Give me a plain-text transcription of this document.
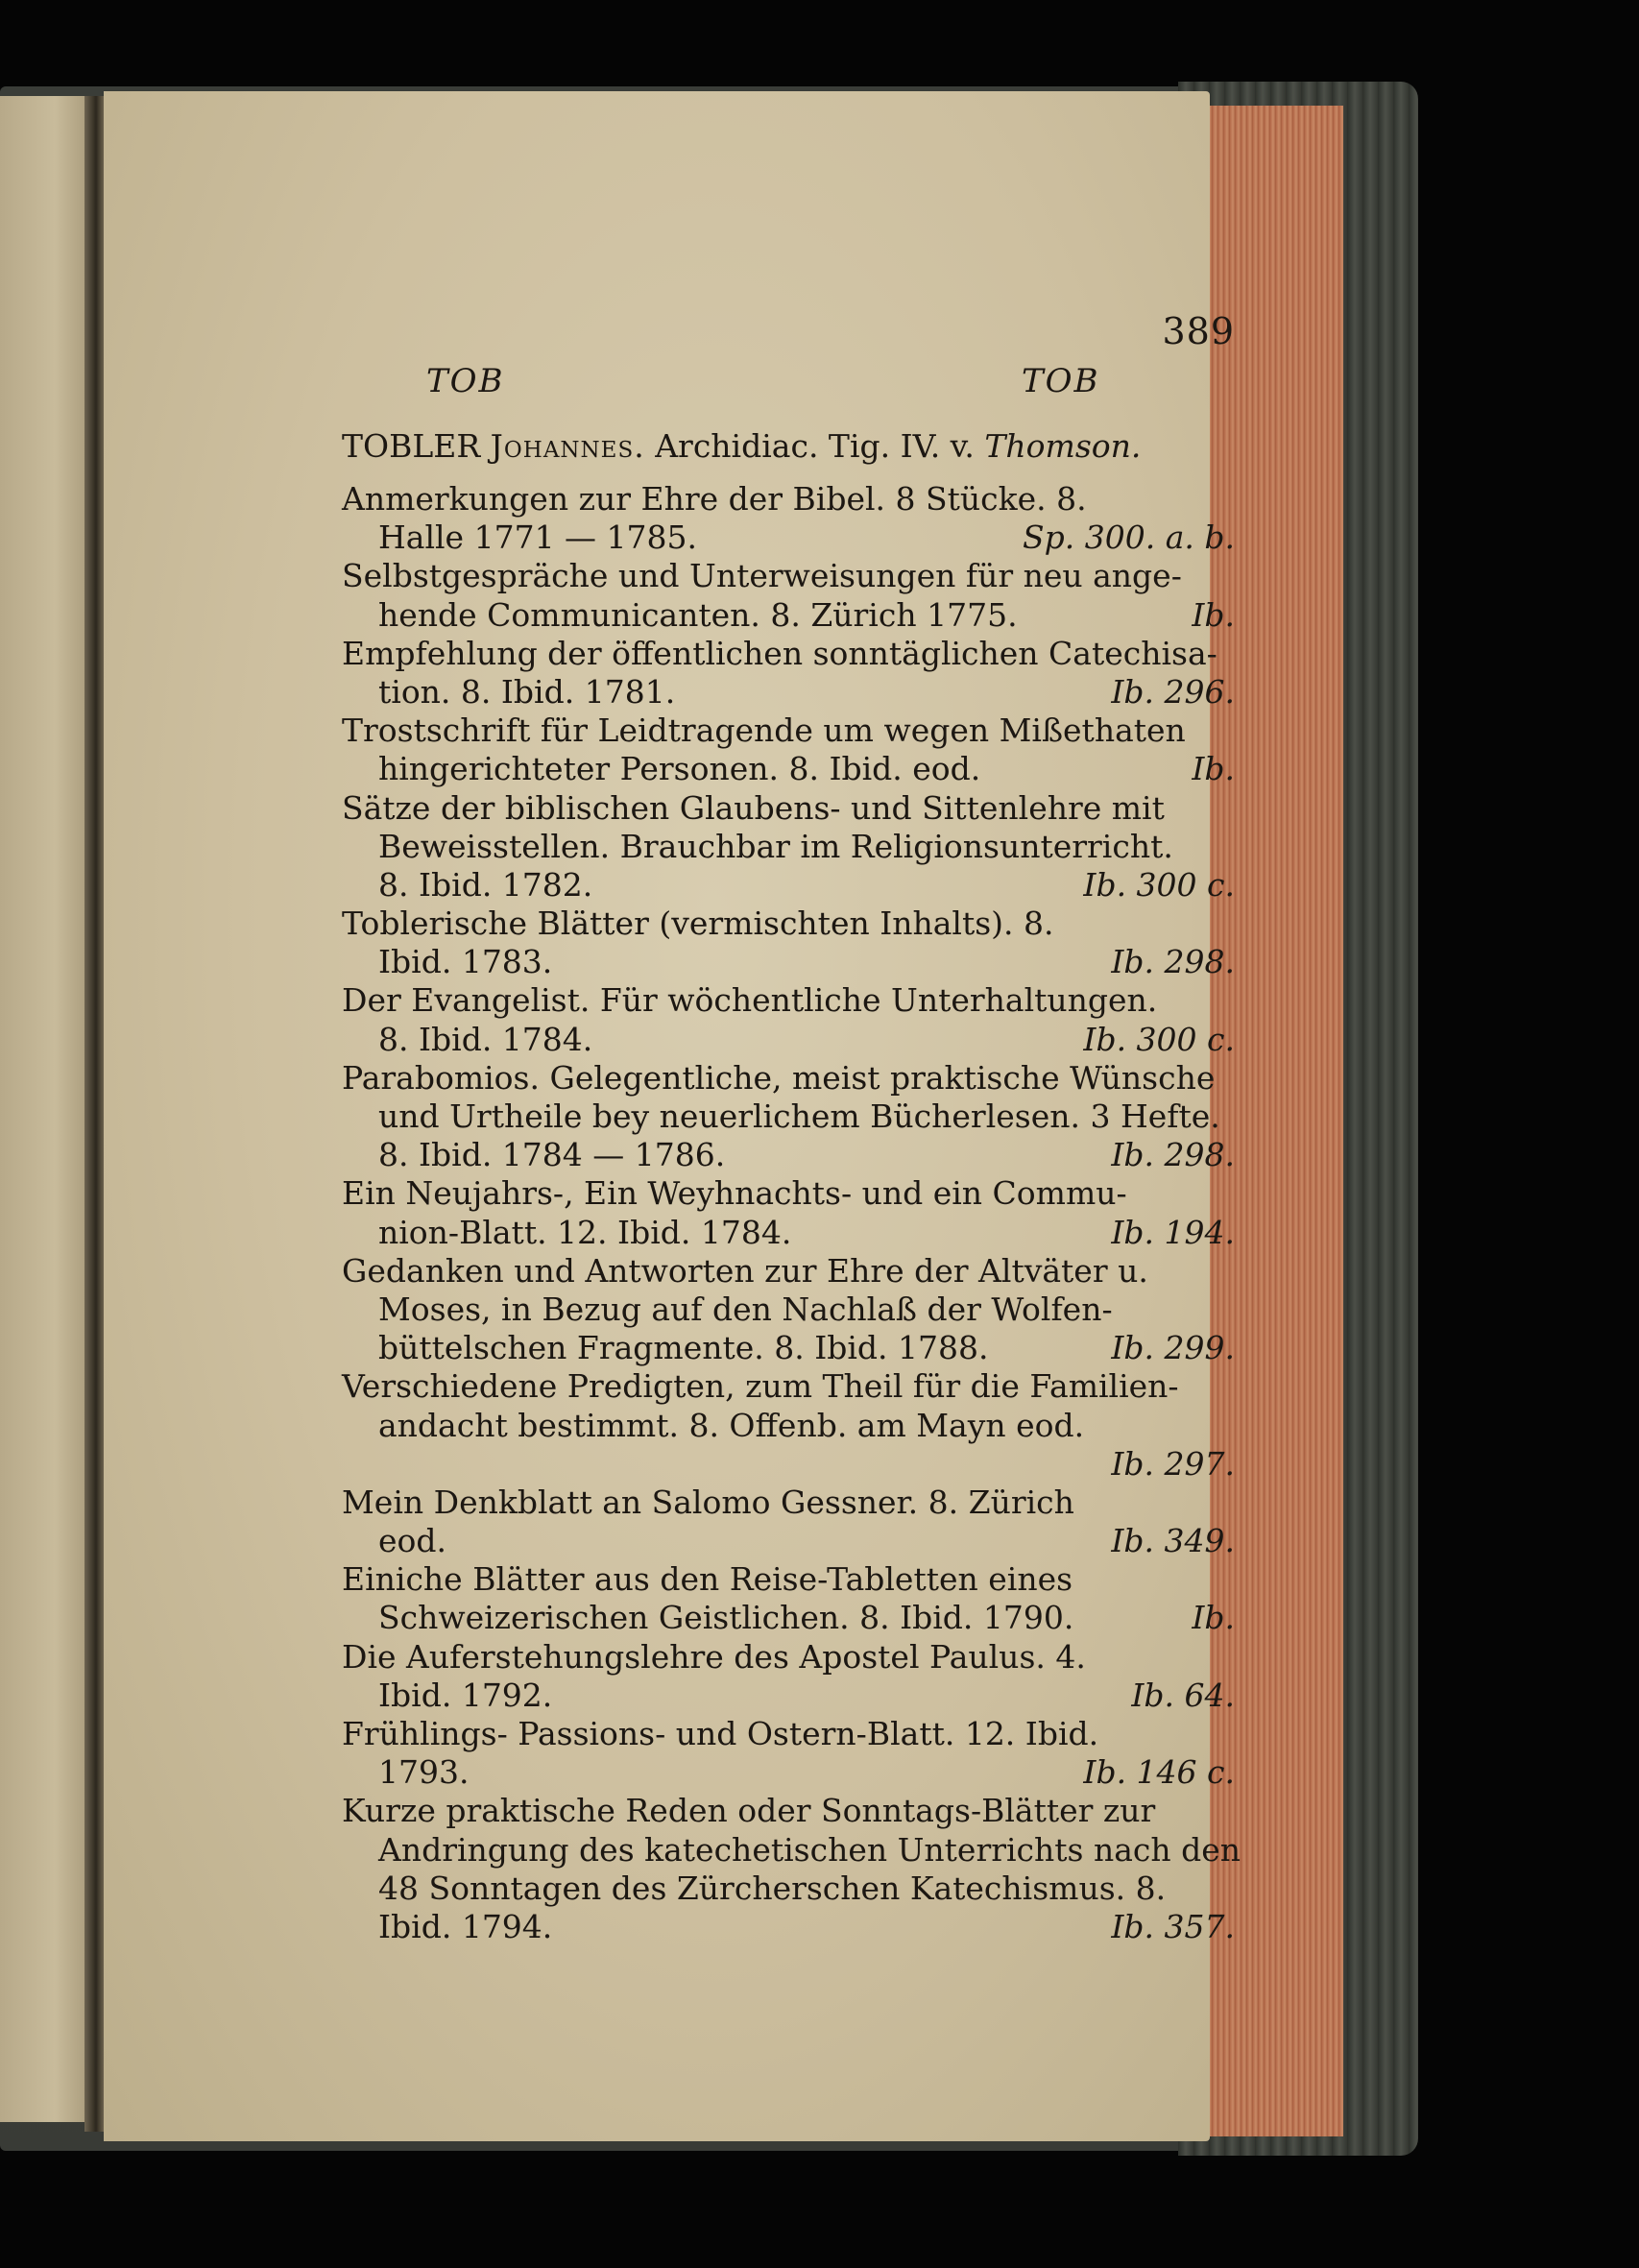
389
TOB	TOB
TOBLER Johannes. Archidiac. Tig. IV. v. Thomson.
Anmerkungen zur Ehre der Bibel. 8 Stücke. 8.
Halle 1771 — 1785.	Sp. 300. a. b.
Selbstgespräche und Unterweisungen für neu ange-
hende Communicanten. 8. Zürich 1775.	Ib.
Empfehlung der öffentlichen sonntäglichen Catechisa-
tion. 8. Ibid. 1781.	Ib. 296.
Trostschrift für Leidtragende um wegen Mißethaten
hingerichteter Personen. 8. Ibid. eod.	Ib.
Sätze der biblischen Glaubens- und Sittenlehre mit
Beweisstellen. Brauchbar im Religionsunterricht.
8. Ibid. 1782.	Ib. 300 c.
Toblerische Blätter (vermischten Inhalts). 8.
Ibid. 1783.	Ib. 298.
Der Evangelist. Für wöchentliche Unterhaltungen.
8. Ibid. 1784.	Ib. 300 c.
Parabomios. Gelegentliche, meist praktische Wünsche
und Urtheile bey neuerlichem Bücherlesen. 3 Hefte.
8. Ibid. 1784 — 1786.	Ib. 298.
Ein Neujahrs-, Ein Weyhnachts- und ein Commu-
nion-Blatt. 12. Ibid. 1784.	Ib. 194.
Gedanken und Antworten zur Ehre der Altväter u.
Moses, in Bezug auf den Nachlaß der Wolfen-
büttelschen Fragmente. 8. Ibid. 1788.	Ib. 299.
Verschiedene Predigten, zum Theil für die Familien-
andacht bestimmt. 8. Offenb. am Mayn eod.
Ib. 297.
Mein Denkblatt an Salomo Gessner. 8. Zürich
eod.	Ib. 349.
Einiche Blätter aus den Reise-Tabletten eines
Schweizerischen Geistlichen. 8. Ibid. 1790.	Ib.
Die Auferstehungslehre des Apostel Paulus. 4.
Ibid. 1792.	Ib. 64.
Frühlings- Passions- und Ostern-Blatt. 12. Ibid.
1793.	Ib. 146 c.
Kurze praktische Reden oder Sonntags-Blätter zur
Andringung des katechetischen Unterrichts nach den
48 Sonntagen des Zürcherschen Katechismus. 8.
Ibid. 1794.	Ib. 357.
